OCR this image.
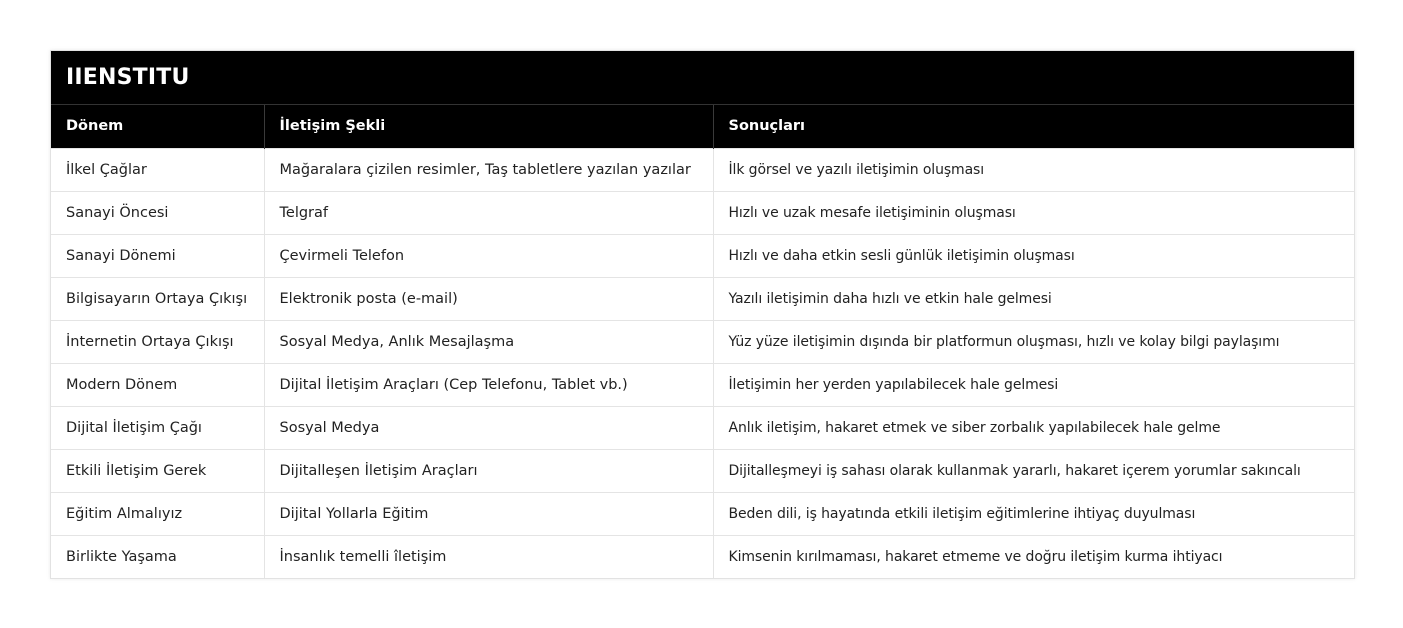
IIENSTITU
Dönem	İletişim Şekli	Sonuçları
İlkel Çağlar	Mağaralara çizilen resimler, Taş tabletlere yazılan yazılar	İlk görsel ve yazılı iletişimin oluşması
Sanayi Öncesi	Telgraf	Hızlı ve uzak mesafe iletişiminin oluşması
Sanayi Dönemi	Çevirmeli Telefon	Hızlı ve daha etkin sesli günlük iletişimin oluşması
Bilgisayarın Ortaya Çıkışı	Elektronik posta (e-mail)	Yazılı iletişimin daha hızlı ve etkin hale gelmesi
İnternetin Ortaya Çıkışı	Sosyal Medya, Anlık Mesajlaşma	Yüz yüze iletişimin dışında bir platformun oluşması, hızlı ve kolay bilgi paylaşımı
Modern Dönem	Dijital İletişim Araçları (Cep Telefonu, Tablet vb.)	İletişimin her yerden yapılabilecek hale gelmesi
Dijital İletişim Çağı	Sosyal Medya	Anlık iletişim, hakaret etmek ve siber zorbalık yapılabilecek hale gelme
Etkili İletişim Gerek	Dijitalleşen İletişim Araçları	Dijitalleşmeyi iş sahası olarak kullanmak yararlı, hakaret içerem yorumlar sakıncalı
Eğitim Almalıyız	Dijital Yollarla Eğitim	Beden dili, iş hayatında etkili iletişim eğitimlerine ihtiyaç duyulması
Birlikte Yaşama	İnsanlık temelli îletişim	Kimsenin kırılmaması, hakaret etmeme ve doğru iletişim kurma ihtiyacı
